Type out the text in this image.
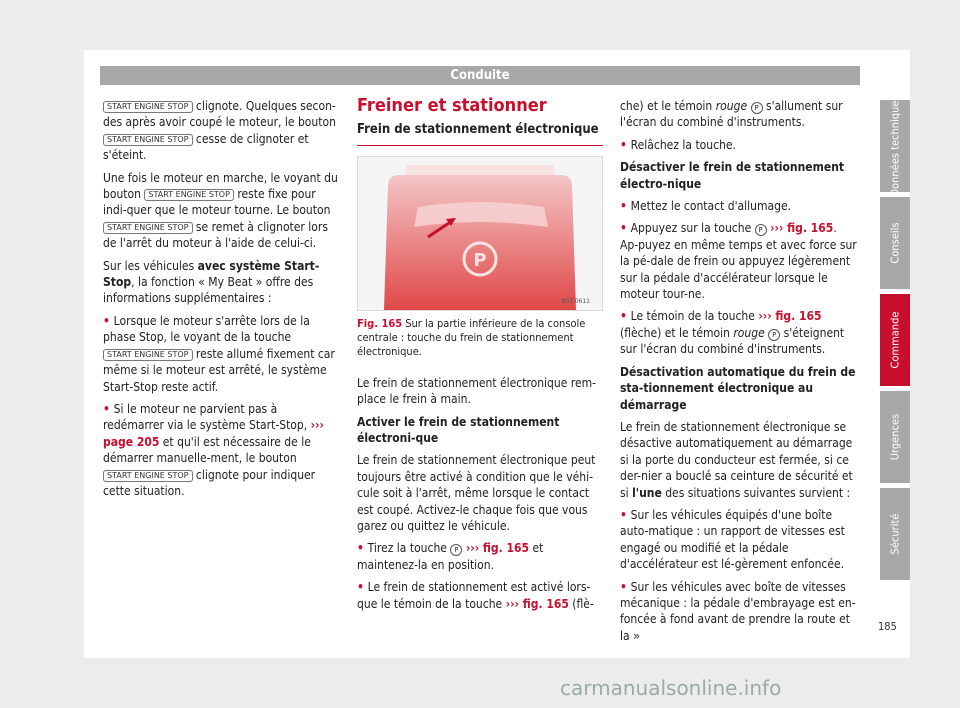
Conduite

START ENGINE STOP clignote. Quelques secon-des après avoir coupé le moteur, le bouton START ENGINE STOP cesse de clignoter et s'éteint.

Une fois le moteur en marche, le voyant du bouton START ENGINE STOP reste fixe pour indi-quer que le moteur tourne. Le bouton START ENGINE STOP se remet à clignoter lors de l'arrêt du moteur à l'aide de celui-ci.

Sur les véhicules avec système Start-Stop, la fonction « My Beat » offre des informations supplémentaires :

• Lorsque le moteur s'arrête lors de la phase Stop, le voyant de la touche START ENGINE STOP reste allumé fixement car même si le moteur est arrêté, le système Start-Stop reste actif.

• Si le moteur ne parvient pas à redémarrer via le système Start-Stop, ››› page 205 et qu'il est nécessaire de le démarrer manuelle-ment, le bouton START ENGINE STOP clignote pour indiquer cette situation.

Freiner et stationner
Frein de stationnement électronique
P
B5T-0611
Fig. 165 Sur la partie inférieure de la console centrale : touche du frein de stationnement électronique.

Le frein de stationnement électronique rem-place le frein à main.

Activer le frein de stationnement électroni-que

Le frein de stationnement électronique peut toujours être activé à condition que le véhi-cule soit à l'arrêt, même lorsque le contact est coupé. Activez-le chaque fois que vous garez ou quittez le véhicule.

• Tirez la touche P ››› fig. 165 et maintenez-la en position.

• Le frein de stationnement est activé lors-que le témoin de la touche ››› fig. 165 (flè-

che) et le témoin rouge P s'allument sur l'écran du combiné d'instruments.

• Relâchez la touche.

Désactiver le frein de stationnement électro-nique

• Mettez le contact d'allumage.

• Appuyez sur la touche P ››› fig. 165. Ap-puyez en même temps et avec force sur la pé-dale de frein ou appuyez légèrement sur la pédale d'accélérateur lorsque le moteur tour-ne.

• Le témoin de la touche ››› fig. 165 (flèche) et le témoin rouge P s'éteignent sur l'écran du combiné d'instruments.

Désactivation automatique du frein de sta-tionnement électronique au démarrage

Le frein de stationnement électronique se désactive automatiquement au démarrage si la porte du conducteur est fermée, si ce der-nier a bouclé sa ceinture de sécurité et si l'une des situations suivantes survient :

• Sur les véhicules équipés d'une boîte auto-matique : un rapport de vitesses est engagé ou modifié et la pédale d'accélérateur est lé-gèrement enfoncée.

• Sur les véhicules avec boîte de vitesses mécanique : la pédale d'embrayage est en-foncée à fond avant de prendre la route et la »

Données techniques
Conseils
Commande
Urgences
Sécurité
185
carmanualsonline.info
